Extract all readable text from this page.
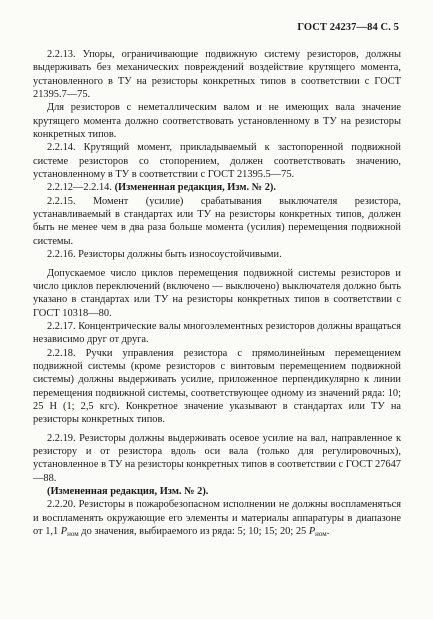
ГОСТ 24237—84 С. 5

2.2.13. Упоры, ограничивающие подвижную систему резисторов, должны выдерживать без механических повреждений воздействие крутящего момента, установленного в ТУ на резисторы конкретных типов в соответствии с ГОСТ 21395.7—75.

Для резисторов с неметаллическим валом и не имеющих вала значение крутящего момента должно соответствовать установленному в ТУ на резисторы конкретных типов.

2.2.14. Крутящий момент, прикладываемый к застопоренной подвижной системе резисторов со стопорением, должен соответствовать значению, установленному в ТУ в соответствии с ГОСТ 21395.5—75.

2.2.12—2.2.14. (Измененная редакция, Изм. № 2).

2.2.15. Момент (усилие) срабатывания выключателя резистора, устанавливаемый в стандартах или ТУ на резисторы конкретных типов, должен быть не менее чем в два раза больше момента (усилия) перемещения подвижной системы.

2.2.16. Резисторы должны быть износоустойчивыми.

Допускаемое число циклов перемещения подвижной системы резисторов и число циклов переключений (включено — выключено) выключателя должно быть указано в стандартах или ТУ на резисторы конкретных типов в соответствии с ГОСТ 10318—80.

2.2.17. Концентрические валы многоэлементных резисторов должны вращаться независимо друг от друга.

2.2.18. Ручки управления резистора с прямолинейным перемещением подвижной системы (кроме резисторов с винтовым перемещением подвижной системы) должны выдерживать усилие, приложенное перпендикулярно к линии перемещения подвижной системы, соответствующее одному из значений ряда: 10; 25 Н (1; 2,5 кгс). Конкретное значение указывают в стандартах или ТУ на резисторы конкретных типов.

2.2.19. Резисторы должны выдерживать осевое усилие на вал, направленное к резистору и от резистора вдоль оси вала (только для регулировочных), установленное в ТУ на резисторы конкретных типов в соответствии с ГОСТ 27647—88.

(Измененная редакция, Изм. № 2).

2.2.20. Резисторы в пожаробезопасном исполнении не должны воспламеняться и воспламенять окружающие его элементы и материалы аппаратуры в диапазоне от 1,1 $P_{ном}$ до значения, выбираемого из ряда: 5; 10; 15; 20; 25 $P_{ном}$.
